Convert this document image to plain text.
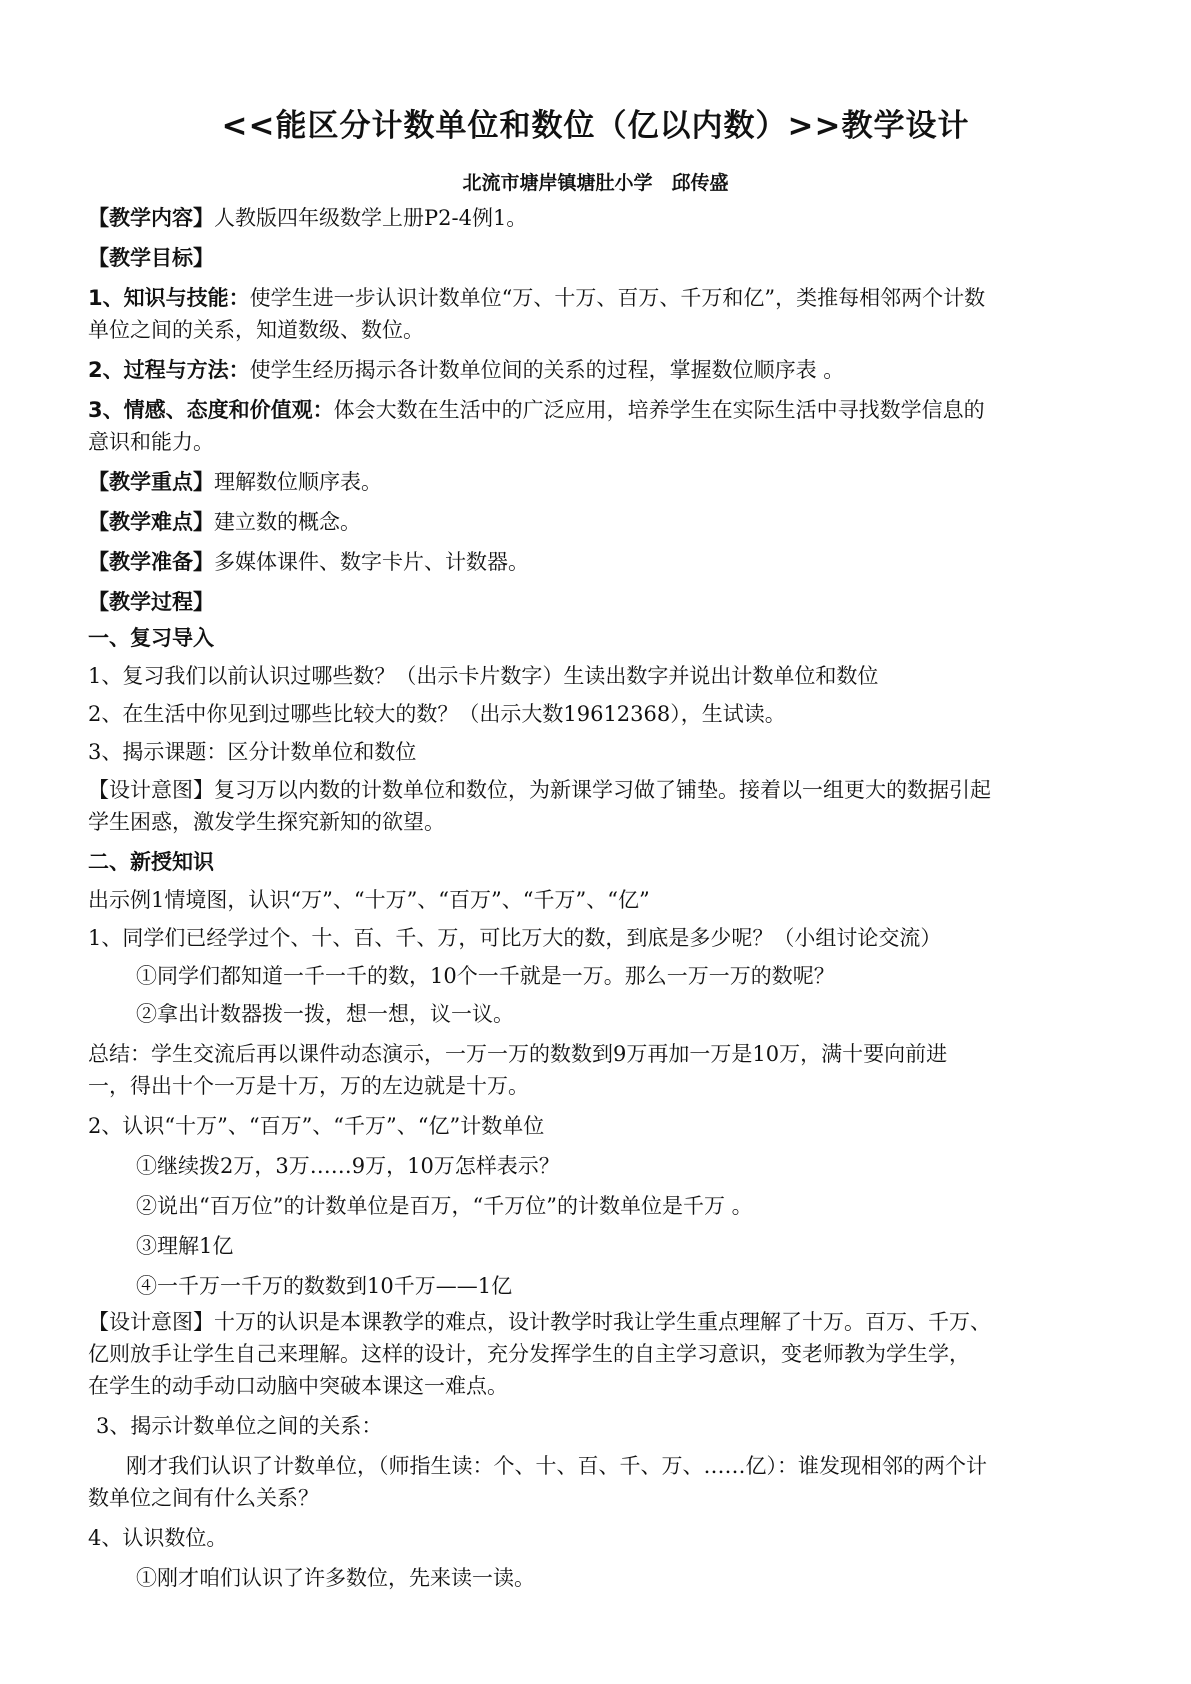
<<能区分计数单位和数位（亿以内数）>>教学设计
北流市塘岸镇塘肚小学　邱传盛
【教学内容】人教版四年级数学上册P2-4例1。
【教学目标】
1、知识与技能：使学生进一步认识计数单位“万、十万、百万、千万和亿”，类推每相邻两个计数
单位之间的关系，知道数级、数位。
2、过程与方法：使学生经历揭示各计数单位间的关系的过程，掌握数位顺序表 。
3、情感、态度和价值观：体会大数在生活中的广泛应用，培养学生在实际生活中寻找数学信息的
意识和能力。
【教学重点】理解数位顺序表。
【教学难点】建立数的概念。
【教学准备】多媒体课件、数字卡片、计数器。
【教学过程】
一、复习导入
1、复习我们以前认识过哪些数？（出示卡片数字）生读出数字并说出计数单位和数位
2、在生活中你见到过哪些比较大的数？（出示大数19612368），生试读。
3、揭示课题：区分计数单位和数位
【设计意图】复习万以内数的计数单位和数位，为新课学习做了铺垫。接着以一组更大的数据引起
学生困惑，激发学生探究新知的欲望。
二、新授知识
出示例1情境图，认识“万”、“十万”、“百万”、“千万”、“亿”
1、同学们已经学过个、十、百、千、万，可比万大的数，到底是多少呢？（小组讨论交流）
①同学们都知道一千一千的数，10个一千就是一万。那么一万一万的数呢？
②拿出计数器拨一拨，想一想，议一议。
总结：学生交流后再以课件动态演示，一万一万的数数到9万再加一万是10万，满十要向前进
一，得出十个一万是十万，万的左边就是十万。
2、认识“十万”、“百万”、“千万”、“亿”计数单位
①继续拨2万，3万……9万，10万怎样表示？
②说出“百万位”的计数单位是百万，“千万位”的计数单位是千万 。
③理解1亿
④一千万一千万的数数到10千万——1亿
【设计意图】十万的认识是本课教学的难点，设计教学时我让学生重点理解了十万。百万、千万、
亿则放手让学生自己来理解。这样的设计，充分发挥学生的自主学习意识，变老师教为学生学，
在学生的动手动口动脑中突破本课这一难点。
3、揭示计数单位之间的关系：
刚才我们认识了计数单位，（师指生读：个、十、百、千、万、……亿）：谁发现相邻的两个计
数单位之间有什么关系？
4、认识数位。
①刚才咱们认识了许多数位，先来读一读。
